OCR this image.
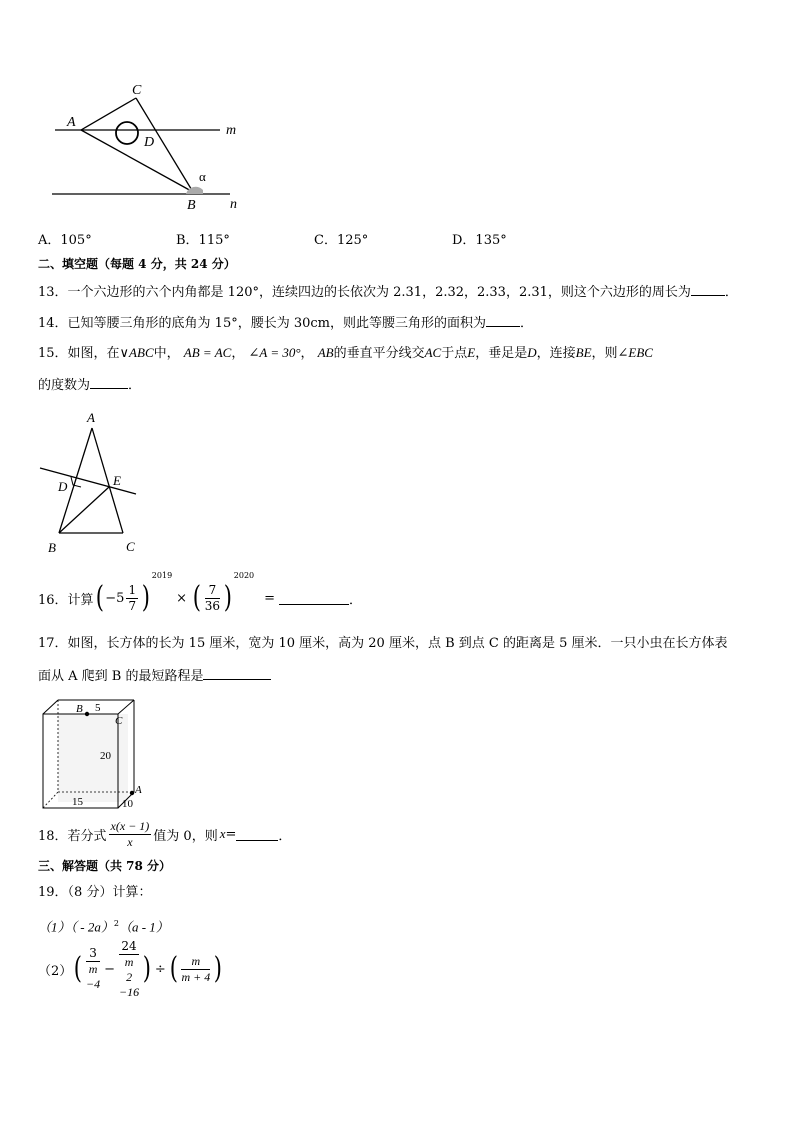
A
C
D
m
α
B n
A．105°	B．115°	C．125°	D．135°
二、填空题（每题 4 分，共 24 分）
13．一个六边形的六个内角都是 120°，连续四边的长依次为 2.31，2.32，2.33，2.31，则这个六边形的周长为	．
14．已知等腰三角形的底角为 15°，腰长为 30cm，则此等腰三角形的面积为	．
15．如图，在∨ABC中， AB = AC， ∠A = 30°， AB的垂直平分线交AC于点E，垂足是D，连接BE，则∠EBC
的度数为	．
A
D	E
B	C
16．计算 ( $-5 \frac{1}{7}$ )
2019
× ( $\frac{7}{36}$ )
2020
=	．
17．如图，长方体的长为 15 厘米，宽为 10 厘米，高为 20 厘米，点 B 到点 C 的距离是 5 厘米．一只小虫在长方体表
面从 A 爬到 B 的最短路程是
B 5
C
20
A
15	10
18．若分式 $\frac{x(x - 1)}{x}$ 值为 0，则 x =	．
三、解答题（共 78 分）
19．（8 分）计算：
（1）（ - 2a）$^2$（a - 1）
（2） ( 3
m
−4 − 24
m
2
−16 ) ÷ ( $\frac{m}{m + 4}$ )
